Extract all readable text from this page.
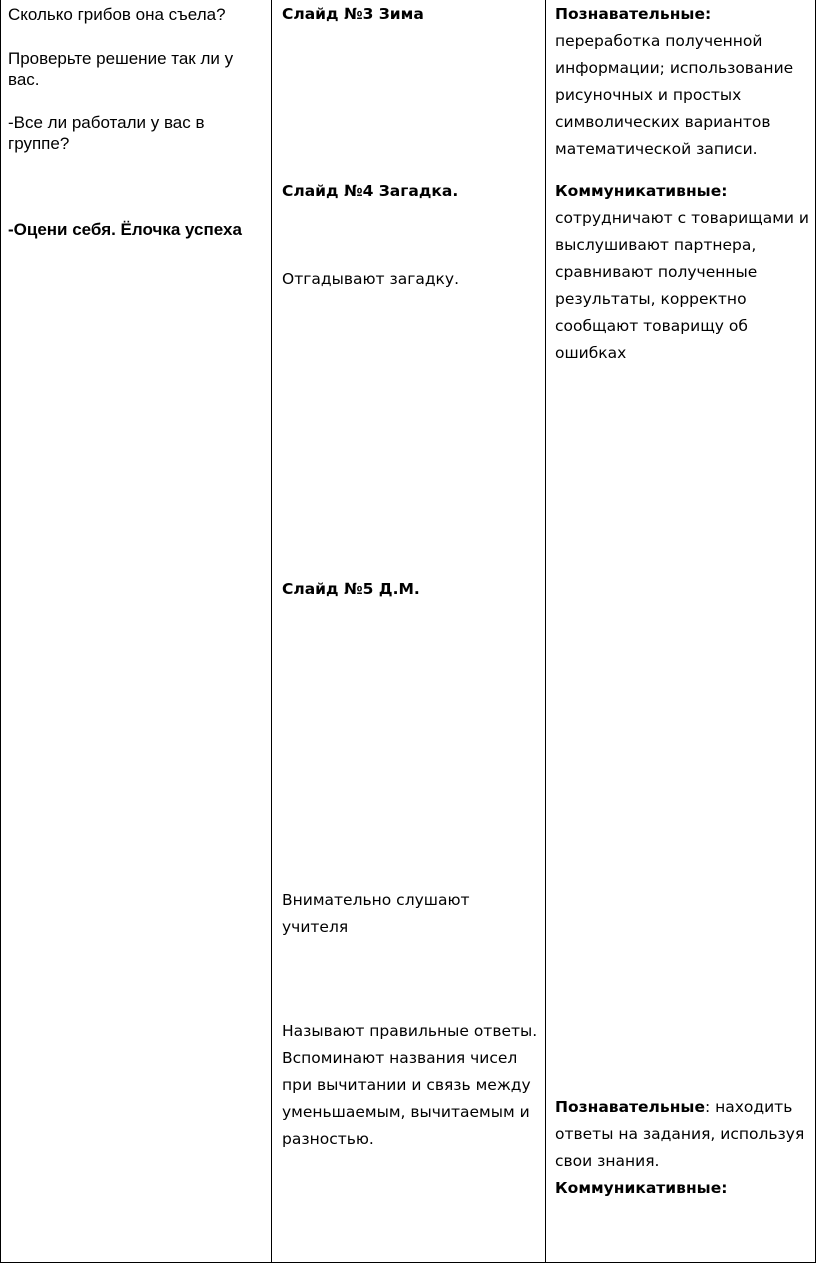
Сколько грибов она съела?

Проверьте решение так ли у вас.

-Все ли работали у вас в группе?

-Оцени себя. Ёлочка успеха

Слайд №3 Зима

Слайд №4 Загадка.

Отгадывают загадку.

Слайд №5 Д.М.

Внимательно слушают учителя

Называют правильные ответы. Вспоминают названия чисел при вычитании и связь между уменьшаемым, вычитаемым и разностью.

Познавательные:
переработка полученной информации; использование рисуночных и простых символических вариантов математической записи.

Коммуникативные:
сотрудничают с товарищами и выслушивают партнера, сравнивают полученные результаты, корректно сообщают товарищу об ошибках

Познавательные: находить ответы на задания, используя свои знания.

Коммуникативные:
